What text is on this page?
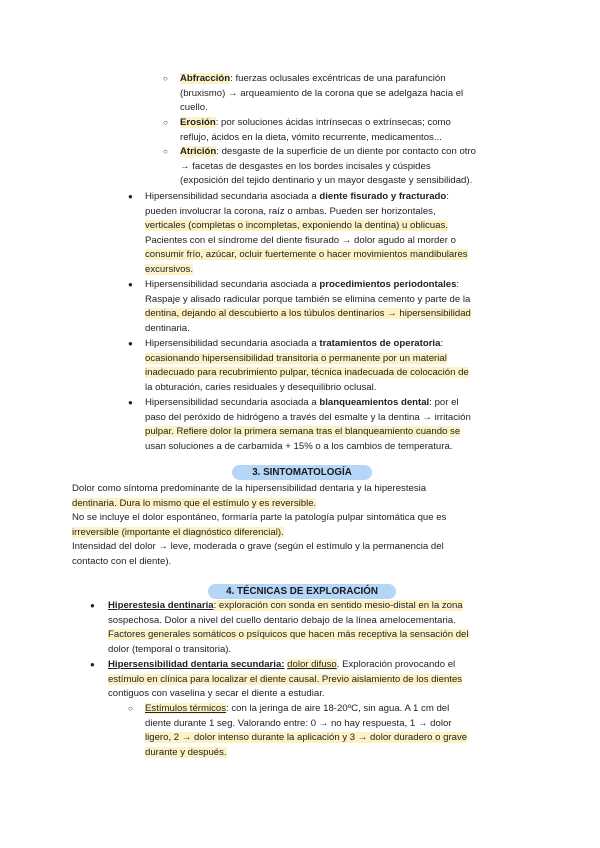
○ Abfracción: fuerzas oclusales excéntricas de una parafunción
(bruxismo) → arqueamiento de la corona que se adelgaza hacia el
cuello.
○ Erosión: por soluciones ácidas intrínsecas o extrínsecas; como
reflujo, ácidos en la dieta, vómito recurrente, medicamentos...
○ Atrición: desgaste de la superficie de un diente por contacto con otro
→ facetas de desgastes en los bordes incisales y cúspides
(exposición del tejido dentinario y un mayor desgaste y sensibilidad).
● Hipersensibilidad secundaria asociada a diente fisurado y fracturado:
pueden involucrar la corona, raíz o ambas. Pueden ser horizontales,
verticales (completas o incompletas, exponiendo la dentina) u oblicuas.
Pacientes con el síndrome del diente fisurado → dolor agudo al morder o
consumir frío, azúcar, ocluir fuertemente o hacer movimientos mandibulares
excursivos.
● Hipersensibilidad secundaria asociada a procedimientos periodontales:
Raspaje y alisado radicular porque también se elimina cemento y parte de la
dentina, dejando al descubierto a los túbulos dentinarios → hipersensibilidad
dentinaria.
● Hipersensibilidad secundaria asociada a tratamientos de operatoria:
ocasionando hipersensibilidad transitoria o permanente por un material
inadecuado para recubrimiento pulpar, técnica inadecuada de colocación de
la obturación, caries residuales y desequilibrio oclusal.
● Hipersensibilidad secundaria asociada a blanqueamientos dental: por el
paso del peróxido de hidrógeno a través del esmalte y la dentina → irritación
pulpar. Refiere dolor la primera semana tras el blanqueamiento cuando se
usan soluciones a de carbamida + 15% o a los cambios de temperatura.
3. SINTOMATOLOGÍA
Dolor como síntoma predominante de la hipersensibilidad dentaria y la hiperestesia
dentinaria. Dura lo mismo que el estímulo y es reversible.
No se incluye el dolor espontáneo, formaría parte la patología pulpar sintomática que es
irreversible (importante el diagnóstico diferencial).
Intensidad del dolor → leve, moderada o grave (según el estímulo y la permanencia del
contacto con el diente).
4. TÉCNICAS DE EXPLORACIÓN
● Hiperestesia dentinaria: exploración con sonda en sentido mesio-distal en la zona
sospechosa. Dolor a nivel del cuello dentario debajo de la línea amelocementaria.
Factores generales somáticos o psíquicos que hacen más receptiva la sensación del
dolor (temporal o transitoria).
● Hipersensibilidad dentaria secundaria: dolor difuso. Exploración provocando el
estímulo en clínica para localizar el diente causal. Previo aislamiento de los dientes
contiguos con vaselina y secar el diente a estudiar.
○ Estímulos térmicos: con la jeringa de aire 18-20ºC, sin agua. A 1 cm del
diente durante 1 seg. Valorando entre: 0 → no hay respuesta, 1 → dolor
ligero, 2 → dolor intenso durante la aplicación y 3 → dolor duradero o grave
durante y después.
